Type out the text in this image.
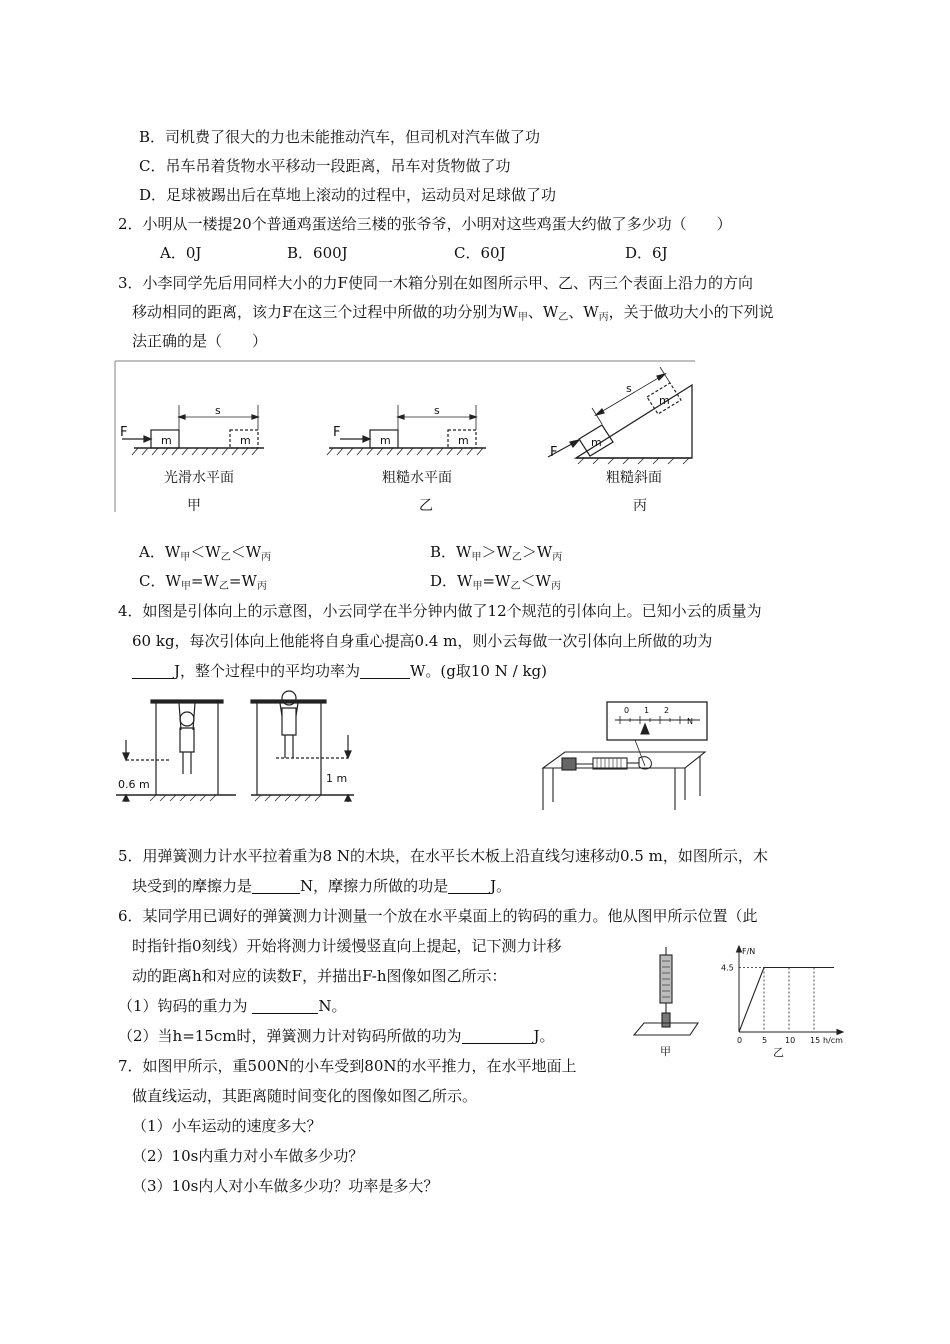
B．司机费了很大的力也未能推动汽车，但司机对汽车做了功
C．吊车吊着货物水平移动一段距离，吊车对货物做了功
D．足球被踢出后在草地上滚动的过程中，运动员对足球做了功
2．小明从一楼提20个普通鸡蛋送给三楼的张爷爷，小明对这些鸡蛋大约做了多少功（　　）
A．0J	B．600J	C．60J	D．6J
3．小李同学先后用同样大小的力F使同一木箱分别在如图所示甲、乙、丙三个表面上沿力的方向
移动相同的距离，该力F在这三个过程中所做的功分别为$W_甲$、$W_乙$、$W_丙$，关于做功大小的下列说
法正确的是（　　）
F
m	m
s
光滑水平面
甲
F
m	m
s
粗糙水平面
乙
F
m
m
s
粗糙斜面
丙
A．$W_甲<W_乙<W_丙$	B．$W_甲>W_乙>W_丙$
C．$W_甲=W_乙=W_丙$	D．$W_甲=W_乙<W_丙$
4．如图是引体向上的示意图，小云同学在半分钟内做了12个规范的引体向上。已知小云的质量为
60 kg，每次引体向上他能将自身重心提高0.4 m，则小云每做一次引体向上所做的功为
J，整个过程中的平均功率为	W。(g取10 N / kg)
0.6 m	1 m
0 1 2
N
5．用弹簧测力计水平拉着重为8 N的木块，在水平长木板上沿直线匀速移动0.5 m，如图所示，木
块受到的摩擦力是	N，摩擦力所做的功是	J。
6．某同学用已调好的弹簧测力计测量一个放在水平桌面上的钩码的重力。他从图甲所示位置（此
时指针指0刻线）开始将测力计缓慢竖直向上提起，记下测力计移
动的距离h和对应的读数F，并描出F-h图像如图乙所示：
（1）钩码的重力为	N。
（2）当h=15cm时，弹簧测力计对钩码所做的功为	J。
甲
0 5 10 15
4.5
F/N
h/cm
乙
7．如图甲所示，重500N的小车受到80N的水平推力，在水平地面上
做直线运动，其距离随时间变化的图像如图乙所示。
（1）小车运动的速度多大？
（2）10s内重力对小车做多少功？
（3）10s内人对小车做多少功？功率是多大？
